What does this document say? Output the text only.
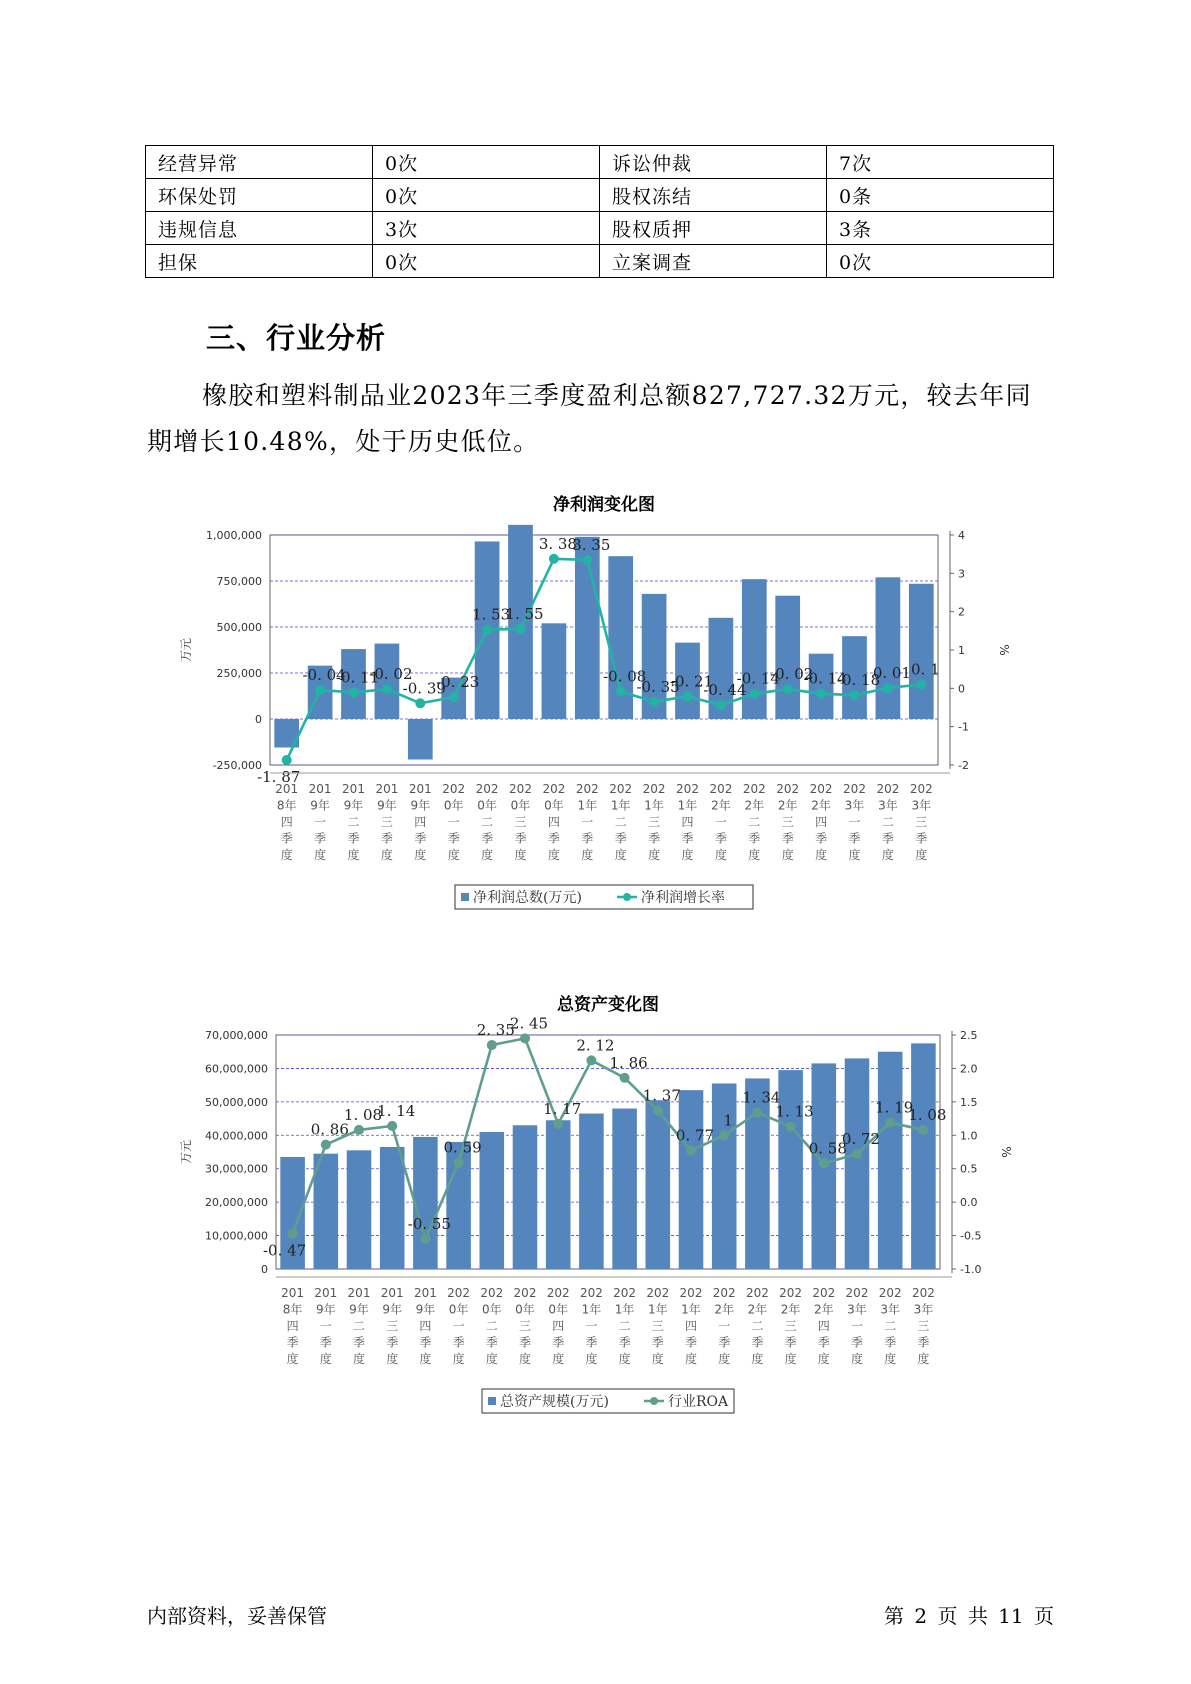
经营异常	0次	诉讼仲裁	7次
环保处罚	0次	股权冻结	0条
违规信息	3次	股权质押	3条
担保	0次	立案调查	0次
三、行业分析

橡胶和塑料制品业2023年三季度盈利总额827,727.32万元，较去年同期增长10.48%，处于历史低位。

净利润变化图
-250,000
0
250,000
500,000
750,000
1,000,000
-2
-1
0
1
2
3
4
万元	%
-1. 87
-0. 04
-0. 11
-0. 02
-0. 39
-0. 23
1. 53
1. 55
3. 38
3. 35
-0. 08
-0. 35
-0. 21
-0. 44
-0. 14
-0. 02
-0. 14
-0. 18
0. 01 0. 1
201 8年四季度
201 9年一季度
201 9年二季度
201 9年三季度
201 9年四季度
202 0年一季度
202 0年二季度
202 0年三季度
202 0年四季度
202 1年一季度
202 1年二季度
202 1年三季度
202 1年四季度
202 2年一季度
202 2年二季度
202 2年三季度
202 2年四季度
202 3年一季度
202 3年二季度
202 3年三季度
净利润总数(万元)	净利润增长率
总资产变化图
0
10,000,000
20,000,000
30,000,000
40,000,000
50,000,000
60,000,000
70,000,000
-1.0
-0.5
0.0
0.5
1.0
1.5
2.0
2.5
万元	%
-0. 47
0. 86
1. 08
1. 14
-0. 55
0. 59
2. 35
2. 45
1. 17
2. 12
1. 86
1. 37
0. 77
1
1. 34
1. 13
0. 58
0. 72
1. 19
1. 08
201 8年四季度
201 9年一季度
201 9年二季度
201 9年三季度
201 9年四季度
202 0年一季度
202 0年二季度
202 0年三季度
202 0年四季度
202 1年一季度
202 1年二季度
202 1年三季度
202 1年四季度
202 2年一季度
202 2年二季度
202 2年三季度
202 2年四季度
202 3年一季度
202 3年二季度
202 3年三季度
总资产规模(万元)	行业ROA
内部资料，妥善保管	第 2 页 共 11 页
